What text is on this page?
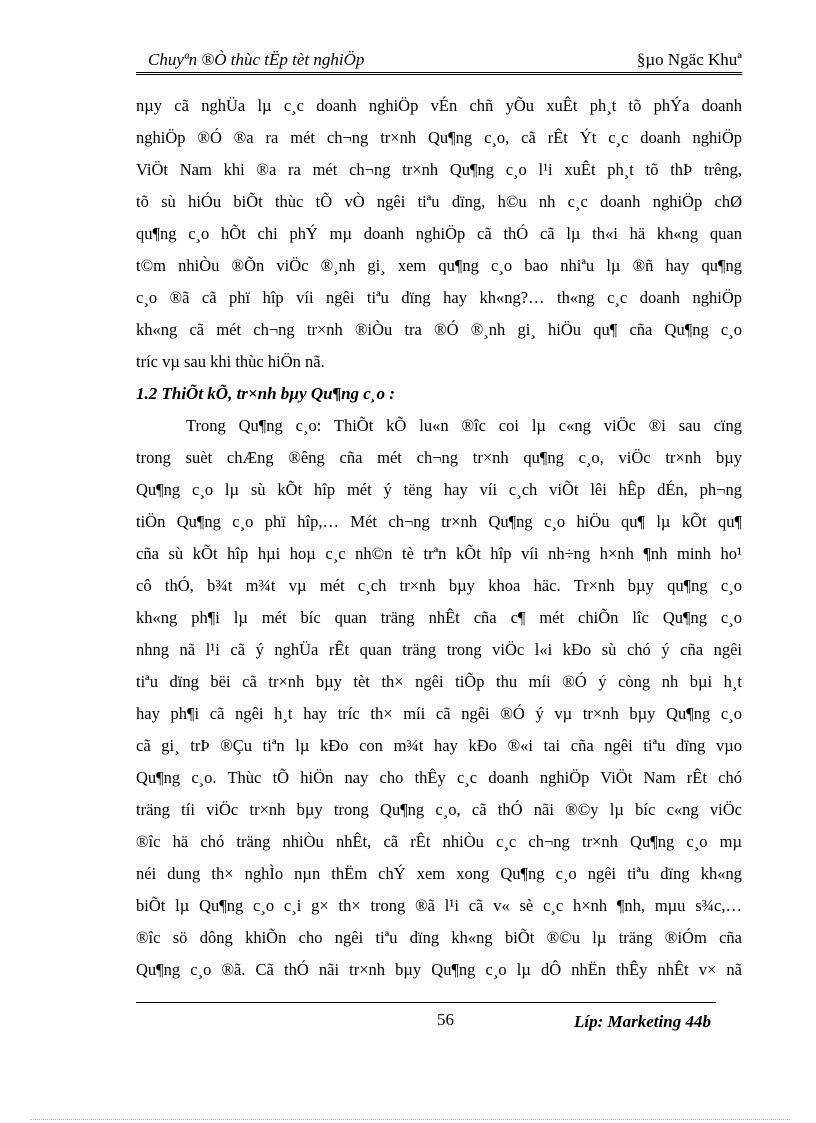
Chuyªn ®Ò thùc tËp tèt nghiÖp	§µo Ngäc Khuª
nµy cã nghÜa lµ c¸c doanh nghiÖp vÉn chñ yÕu xuÊt ph¸t tõ phÝa doanh
nghiÖp ®Ó ®a ra mét ch¬ng tr×nh Qu¶ng c¸o, cã rÊt Ýt c¸c doanh nghiÖp
ViÖt Nam khi ®a ra mét ch¬ng tr×nh Qu¶ng c¸o l¹i xuÊt ph¸t tõ thÞ trêng,
tõ sù hiÓu biÕt thùc tÕ vÒ ngêi tiªu dïng, h©u nh c¸c doanh nghiÖp chØ
qu¶ng c¸o hÕt chi phÝ mµ doanh nghiÖp cã thÓ cã lµ th«i hä kh«ng quan
t©m nhiÒu ®Õn viÖc ®¸nh gi¸ xem qu¶ng c¸o bao nhiªu lµ ®ñ hay qu¶ng
c¸o ®ã cã phï hîp víi ngêi tiªu dïng hay kh«ng?… th«ng c¸c doanh nghiÖp
kh«ng cã mét ch¬ng tr×nh ®iÒu tra ®Ó ®¸nh gi¸ hiÖu qu¶ cña Qu¶ng c¸o
tríc vµ sau khi thùc hiÖn nã.
1.2 ThiÕt kÕ, tr×nh bµy Qu¶ng c¸o :
Trong Qu¶ng c¸o: ThiÕt kÕ lu«n ®îc coi lµ c«ng viÖc ®i sau cïng
trong suèt chÆng ®êng cña mét ch¬ng tr×nh qu¶ng c¸o, viÖc tr×nh bµy
Qu¶ng c¸o lµ sù kÕt hîp mét ý tëng hay víi c¸ch viÕt lêi hÊp dÉn, ph¬ng
tiÖn Qu¶ng c¸o phï hîp,… Mét ch¬ng tr×nh Qu¶ng c¸o hiÖu qu¶ lµ kÕt qu¶
cña sù kÕt hîp hµi hoµ c¸c nh©n tè trªn kÕt hîp víi nh÷ng h×nh ¶nh minh ho¹
cô thÓ, b¾t m¾t vµ mét c¸ch tr×nh bµy khoa häc. Tr×nh bµy qu¶ng c¸o
kh«ng ph¶i lµ mét bíc quan träng nhÊt cña c¶ mét chiÕn lîc Qu¶ng c¸o
nhng nã l¹i cã ý nghÜa rÊt quan träng trong viÖc l«i kÐo sù chó ý cña ngêi
tiªu dïng bëi cã tr×nh bµy tèt th× ngêi tiÕp thu míi ®Ó ý còng nh bµi h¸t
hay ph¶i cã ngêi h¸t hay tríc th× míi cã ngêi ®Ó ý vµ tr×nh bµy Qu¶ng c¸o
cã gi¸ trÞ ®Çu tiªn lµ kÐo con m¾t hay kÐo ®«i tai cña ngêi tiªu dïng vµo
Qu¶ng c¸o. Thùc tÕ hiÖn nay cho thÊy c¸c doanh nghiÖp ViÖt Nam rÊt chó
träng tíi viÖc tr×nh bµy trong Qu¶ng c¸o, cã thÓ nãi ®©y lµ bíc c«ng viÖc
®îc hä chó träng nhiÒu nhÊt, cã rÊt nhiÒu c¸c ch¬ng tr×nh Qu¶ng c¸o mµ
néi dung th× nghÌo nµn thËm chÝ xem xong Qu¶ng c¸o ngêi tiªu dïng kh«ng
biÕt lµ Qu¶ng c¸o c¸i g× th× trong ®ã l¹i cã v« sè c¸c h×nh ¶nh, mµu s¾c,…
®îc sö dông khiÕn cho ngêi tiªu dïng kh«ng biÕt ®©u lµ träng ®iÓm cña
Qu¶ng c¸o ®ã. Cã thÓ nãi tr×nh bµy Qu¶ng c¸o lµ dÔ nhËn thÊy nhÊt v× nã
56	Líp: Marketing 44b
